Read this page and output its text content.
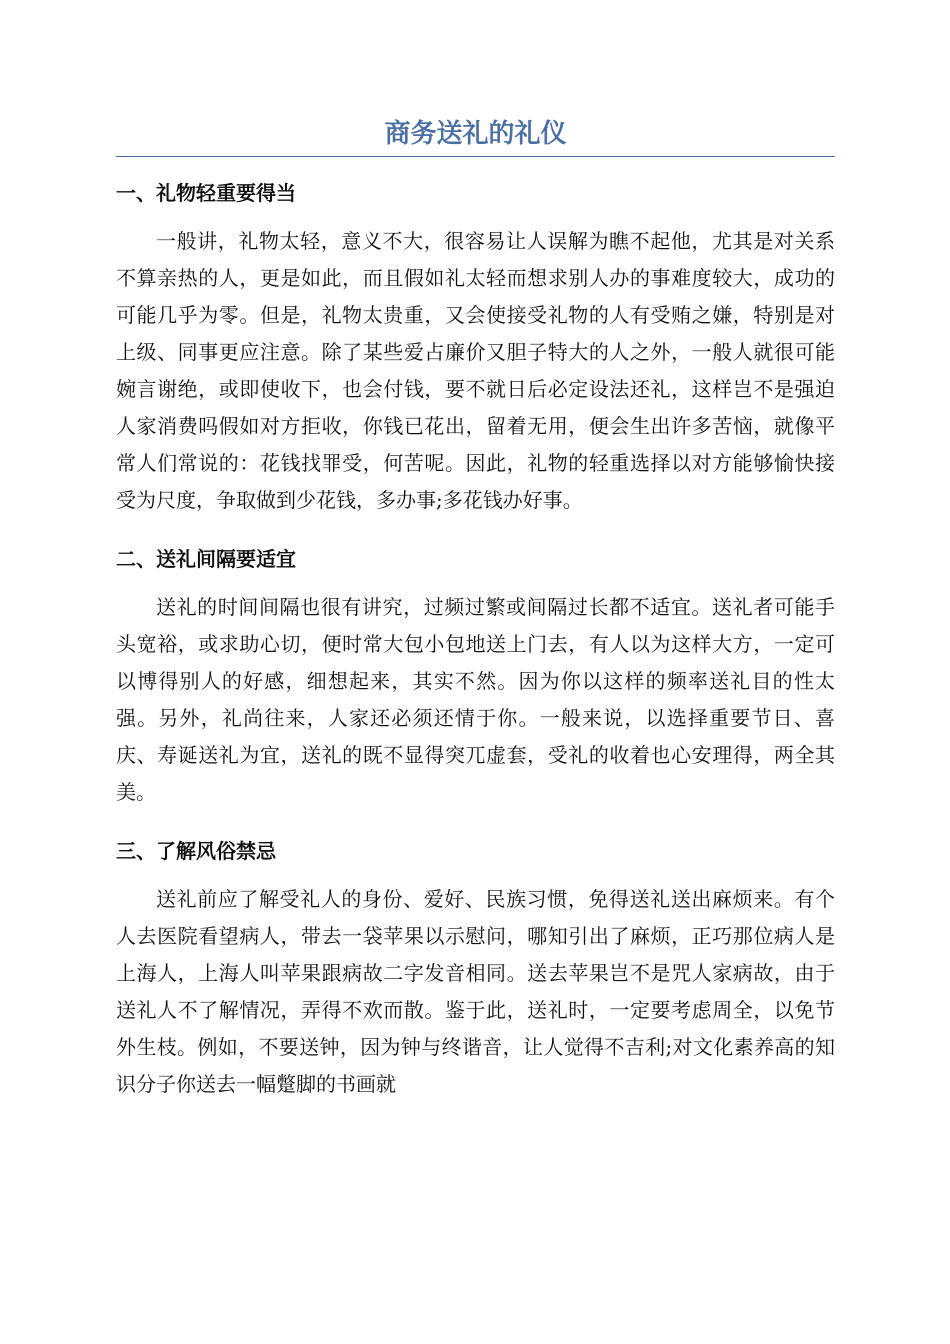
商务送礼的礼仪
一、礼物轻重要得当

一般讲，礼物太轻，意义不大，很容易让人误解为瞧不起他，尤其是对关系不算亲热的人，更是如此，而且假如礼太轻而想求别人办的事难度较大，成功的可能几乎为零。但是，礼物太贵重，又会使接受礼物的人有受贿之嫌，特别是对上级、同事更应注意。除了某些爱占廉价又胆子特大的人之外，一般人就很可能婉言谢绝，或即使收下，也会付钱，要不就日后必定设法还礼，这样岂不是强迫人家消费吗假如对方拒收，你钱已花出，留着无用，便会生出许多苦恼，就像平常人们常说的：花钱找罪受，何苦呢。因此，礼物的轻重选择以对方能够愉快接受为尺度，争取做到少花钱，多办事;多花钱办好事。

二、送礼间隔要适宜

送礼的时间间隔也很有讲究，过频过繁或间隔过长都不适宜。送礼者可能手头宽裕，或求助心切，便时常大包小包地送上门去，有人以为这样大方，一定可以博得别人的好感，细想起来，其实不然。因为你以这样的频率送礼目的性太强。另外，礼尚往来，人家还必须还情于你。一般来说，以选择重要节日、喜庆、寿诞送礼为宜，送礼的既不显得突兀虚套，受礼的收着也心安理得，两全其美。

三、了解风俗禁忌

送礼前应了解受礼人的身份、爱好、民族习惯，免得送礼送出麻烦来。有个人去医院看望病人，带去一袋苹果以示慰问，哪知引出了麻烦，正巧那位病人是上海人，上海人叫苹果跟病故二字发音相同。送去苹果岂不是咒人家病故，由于送礼人不了解情况，弄得不欢而散。鉴于此，送礼时，一定要考虑周全，以免节外生枝。例如，不要送钟，因为钟与终谐音，让人觉得不吉利;对文化素养高的知识分子你送去一幅蹩脚的书画就
